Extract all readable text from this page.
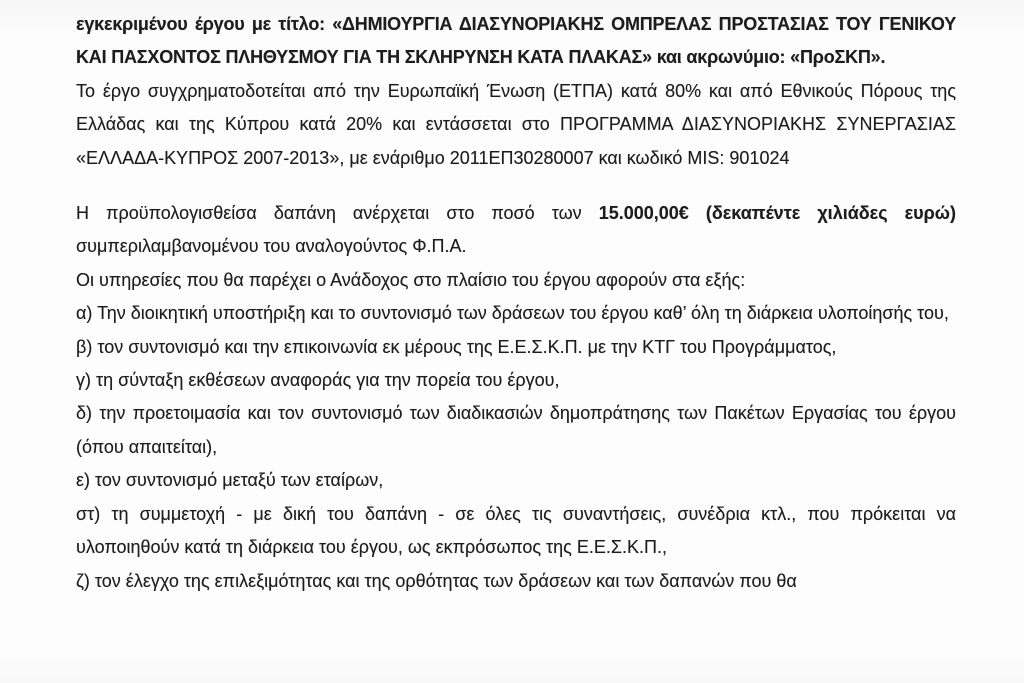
εγκεκριμένου έργου με τίτλο: «ΔΗΜΙΟΥΡΓΙΑ ΔΙΑΣΥΝΟΡΙΑΚΗΣ ΟΜΠΡΕΛΑΣ ΠΡΟΣΤΑΣΙΑΣ ΤΟΥ ΓΕΝΙΚΟΥ ΚΑΙ ΠΑΣΧΟΝΤΟΣ ΠΛΗΘΥΣΜΟΥ ΓΙΑ ΤΗ ΣΚΛΗΡΥΝΣΗ ΚΑΤΑ ΠΛΑΚΑΣ» και ακρωνύμιο: «ΠροΣΚΠ».

Το έργο συγχρηματοδοτείται από την Ευρωπαϊκή Ένωση (ΕΤΠΑ) κατά 80% και από Εθνικούς Πόρους της Ελλάδας και της Κύπρου κατά 20% και εντάσσεται στο ΠΡΟΓΡΑΜΜΑ ΔΙΑΣΥΝΟΡΙΑΚΗΣ ΣΥΝΕΡΓΑΣΙΑΣ «ΕΛΛΑΔΑ-ΚΥΠΡΟΣ 2007-2013», με ενάριθμο 2011ΕΠ30280007 και κωδικό MIS: 901024

Η προϋπολογισθείσα δαπάνη ανέρχεται στο ποσό των 15.000,00€ (δεκαπέντε χιλιάδες ευρώ) συμπεριλαμβανομένου του αναλογούντος Φ.Π.Α.

Οι υπηρεσίες που θα παρέχει ο Ανάδοχος στο πλαίσιο του έργου αφορούν στα εξής:

α) Την διοικητική υποστήριξη και το συντονισμό των δράσεων του έργου καθ’ όλη τη διάρκεια υλοποίησής του,

β) τον συντονισμό και την επικοινωνία εκ μέρους της Ε.Ε.Σ.Κ.Π. με την ΚΤΓ του Προγράμματος,

γ) τη σύνταξη εκθέσεων αναφοράς για την πορεία του έργου,

δ) την προετοιμασία και τον συντονισμό των διαδικασιών δημοπράτησης των Πακέτων Εργασίας του έργου (όπου απαιτείται),

ε) τον συντονισμό μεταξύ των εταίρων,

στ) τη συμμετοχή - με δική του δαπάνη - σε όλες τις συναντήσεις, συνέδρια κτλ., που πρόκειται να υλοποιηθούν κατά τη διάρκεια του έργου, ως εκπρόσωπος της Ε.Ε.Σ.Κ.Π.,

ζ) τον έλεγχο της επιλεξιμότητας και της ορθότητας των δράσεων και των δαπανών που θα
